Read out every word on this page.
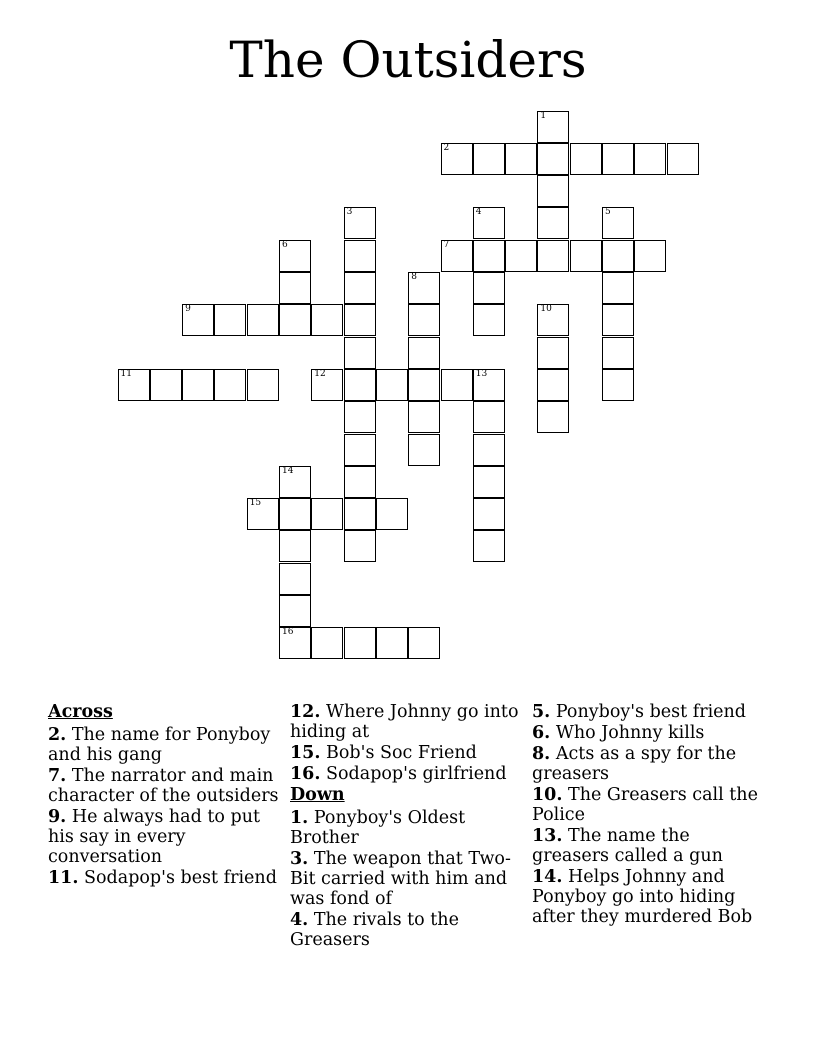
The Outsiders
1
2
3	4	5
6	7
8
9	10
11	12	13
14
16
15
Across
2. The name for Ponyboy and his gang
7. The narrator and main character of the outsiders
9. He always had to put his say in every conversation
11. Sodapop's best friend
12. Where Johnny go into hiding at
15. Bob's Soc Friend
16. Sodapop's girlfriend
Down
1. Ponyboy's Oldest Brother
3. The weapon that Two-Bit carried with him and was fond of
4. The rivals to the Greasers
5. Ponyboy's best friend
6. Who Johnny kills
8. Acts as a spy for the greasers
10. The Greasers call the Police
13. The name the greasers called a gun
14. Helps Johnny and Ponyboy go into hiding after they murdered Bob
